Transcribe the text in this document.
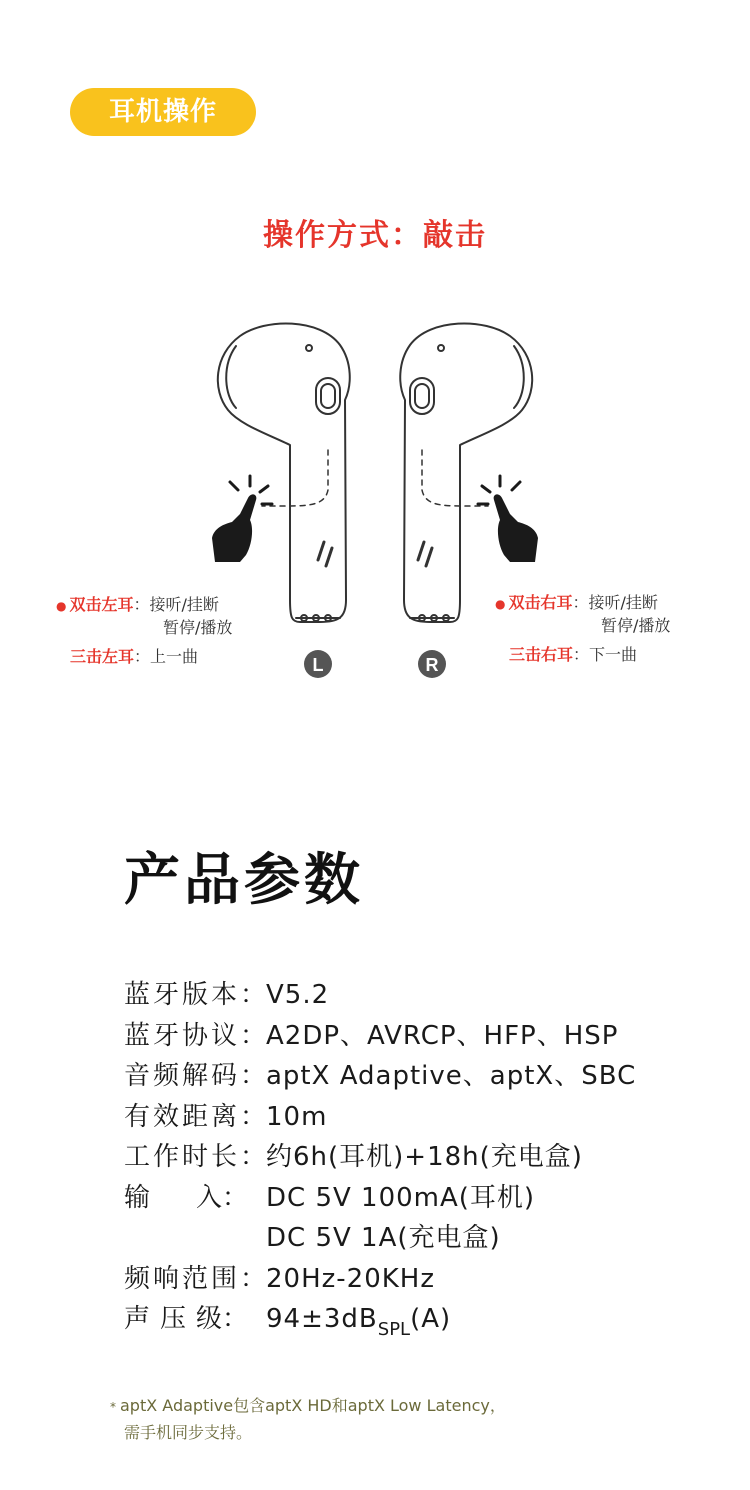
耳机操作
操作方式：敲击
L	R
● 双击左耳：接听/挂断
暂停/播放
三击左耳：上一曲
● 双击右耳：接听/挂断
暂停/播放
三击右耳：下一曲
产品参数
蓝牙版本：
V5.2
蓝牙协议：
A2DP、AVRCP、HFP、HSP
音频解码：
aptX Adaptive、aptX、SBC
有效距离：
10m
工作时长：
约6h(耳机)+18h(充电盒)
输 入： DC 5V 100mA(耳机)
DC 5V 1A(充电盒)
频响范围：
20Hz-20KHz
声 压 级： $94\pm 3dB_{SPL}(A)$
* aptX Adaptive包含aptX HD和aptX Low Latency，
需手机同步支持。
